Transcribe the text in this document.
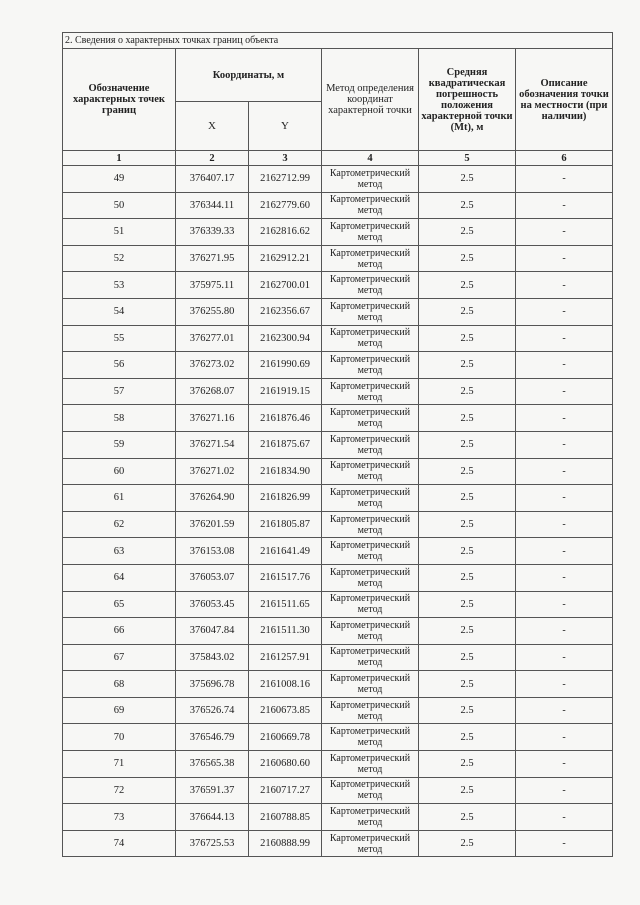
2. Сведения о характерных точках границ объекта					
Обозначение характерных точек границ	Координаты, м		Метод определения координат характерной точки	Средняя квадратическая погрешность положения характерной точки (Mt), м	Описание обозначения точки на местности (при наличии)
	X	Y			
1	2	3	4	5	6
49	376407.17	2162712.99	Картометрический метод	2.5	-
50	376344.11	2162779.60	Картометрический метод	2.5	-
51	376339.33	2162816.62	Картометрический метод	2.5	-
52	376271.95	2162912.21	Картометрический метод	2.5	-
53	375975.11	2162700.01	Картометрический метод	2.5	-
54	376255.80	2162356.67	Картометрический метод	2.5	-
55	376277.01	2162300.94	Картометрический метод	2.5	-
56	376273.02	2161990.69	Картометрический метод	2.5	-
57	376268.07	2161919.15	Картометрический метод	2.5	-
58	376271.16	2161876.46	Картометрический метод	2.5	-
59	376271.54	2161875.67	Картометрический метод	2.5	-
60	376271.02	2161834.90	Картометрический метод	2.5	-
61	376264.90	2161826.99	Картометрический метод	2.5	-
62	376201.59	2161805.87	Картометрический метод	2.5	-
63	376153.08	2161641.49	Картометрический метод	2.5	-
64	376053.07	2161517.76	Картометрический метод	2.5	-
65	376053.45	2161511.65	Картометрический метод	2.5	-
66	376047.84	2161511.30	Картометрический метод	2.5	-
67	375843.02	2161257.91	Картометрический метод	2.5	-
68	375696.78	2161008.16	Картометрический метод	2.5	-
69	376526.74	2160673.85	Картометрический метод	2.5	-
70	376546.79	2160669.78	Картометрический метод	2.5	-
71	376565.38	2160680.60	Картометрический метод	2.5	-
72	376591.37	2160717.27	Картометрический метод	2.5	-
73	376644.13	2160788.85	Картометрический метод	2.5	-
74	376725.53	2160888.99	Картометрический метод	2.5	-
